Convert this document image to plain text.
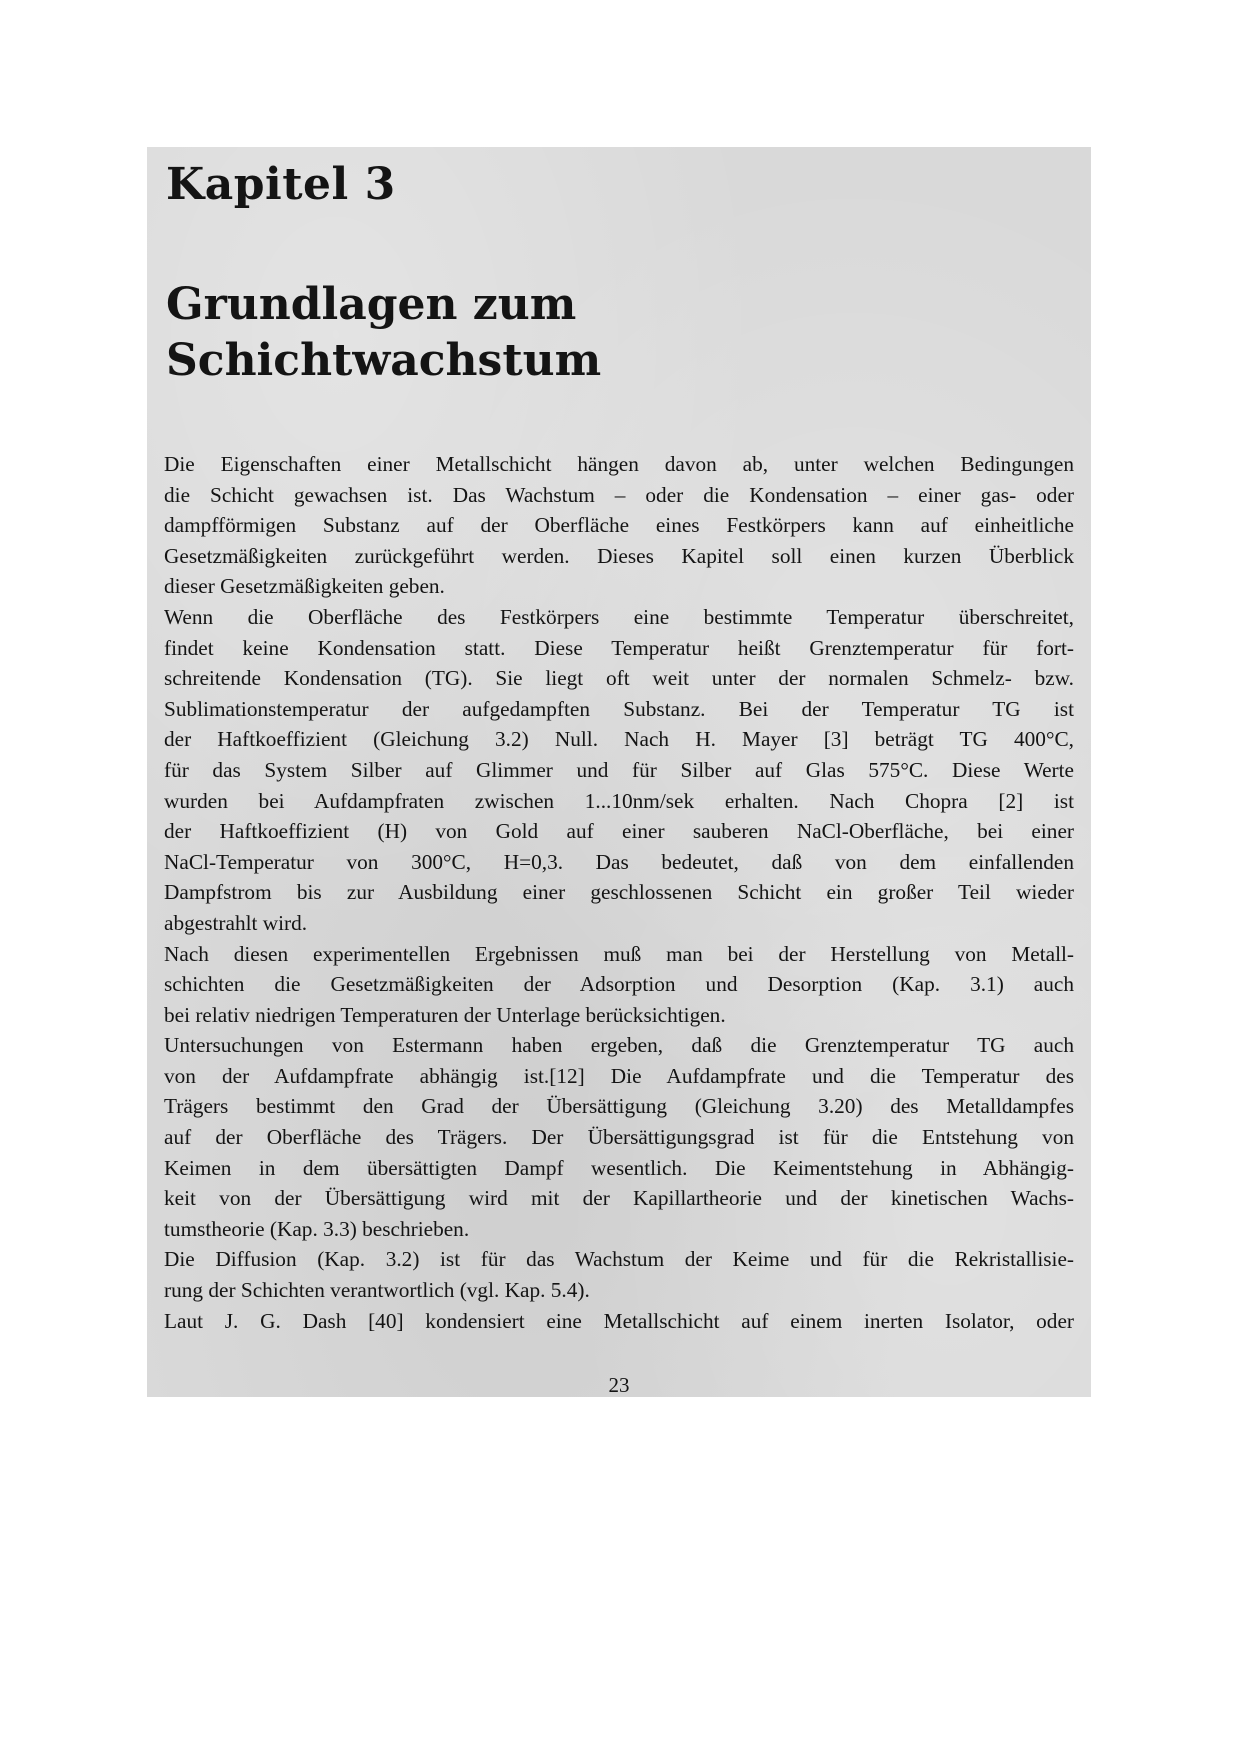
Kapitel 3
Grundlagen zum
Schichtwachstum
Die Eigenschaften einer Metallschicht hängen davon ab, unter welchen Bedingungen
die Schicht gewachsen ist. Das Wachstum – oder die Kondensation – einer gas- oder
dampfförmigen Substanz auf der Oberfläche eines Festkörpers kann auf einheitliche
Gesetzmäßigkeiten zurückgeführt werden. Dieses Kapitel soll einen kurzen Überblick
dieser Gesetzmäßigkeiten geben.
Wenn die Oberfläche des Festkörpers eine bestimmte Temperatur überschreitet,
findet keine Kondensation statt. Diese Temperatur heißt Grenztemperatur für fort-
schreitende Kondensation (TG). Sie liegt oft weit unter der normalen Schmelz- bzw.
Sublimationstemperatur der aufgedampften Substanz. Bei der Temperatur TG ist
der Haftkoeffizient (Gleichung 3.2) Null. Nach H. Mayer [3] beträgt TG 400°C,
für das System Silber auf Glimmer und für Silber auf Glas 575°C. Diese Werte
wurden bei Aufdampfraten zwischen 1...10nm/sek erhalten. Nach Chopra [2] ist
der Haftkoeffizient (H) von Gold auf einer sauberen NaCl-Oberfläche, bei einer
NaCl-Temperatur von 300°C, H=0,3. Das bedeutet, daß von dem einfallenden
Dampfstrom bis zur Ausbildung einer geschlossenen Schicht ein großer Teil wieder
abgestrahlt wird.
Nach diesen experimentellen Ergebnissen muß man bei der Herstellung von Metall-
schichten die Gesetzmäßigkeiten der Adsorption und Desorption (Kap. 3.1) auch
bei relativ niedrigen Temperaturen der Unterlage berücksichtigen.
Untersuchungen von Estermann haben ergeben, daß die Grenztemperatur TG auch
von der Aufdampfrate abhängig ist.[12] Die Aufdampfrate und die Temperatur des
Trägers bestimmt den Grad der Übersättigung (Gleichung 3.20) des Metalldampfes
auf der Oberfläche des Trägers. Der Übersättigungsgrad ist für die Entstehung von
Keimen in dem übersättigten Dampf wesentlich. Die Keimentstehung in Abhängig-
keit von der Übersättigung wird mit der Kapillartheorie und der kinetischen Wachs-
tumstheorie (Kap. 3.3) beschrieben.
Die Diffusion (Kap. 3.2) ist für das Wachstum der Keime und für die Rekristallisie-
rung der Schichten verantwortlich (vgl. Kap. 5.4).
Laut J. G. Dash [40] kondensiert eine Metallschicht auf einem inerten Isolator, oder

23
